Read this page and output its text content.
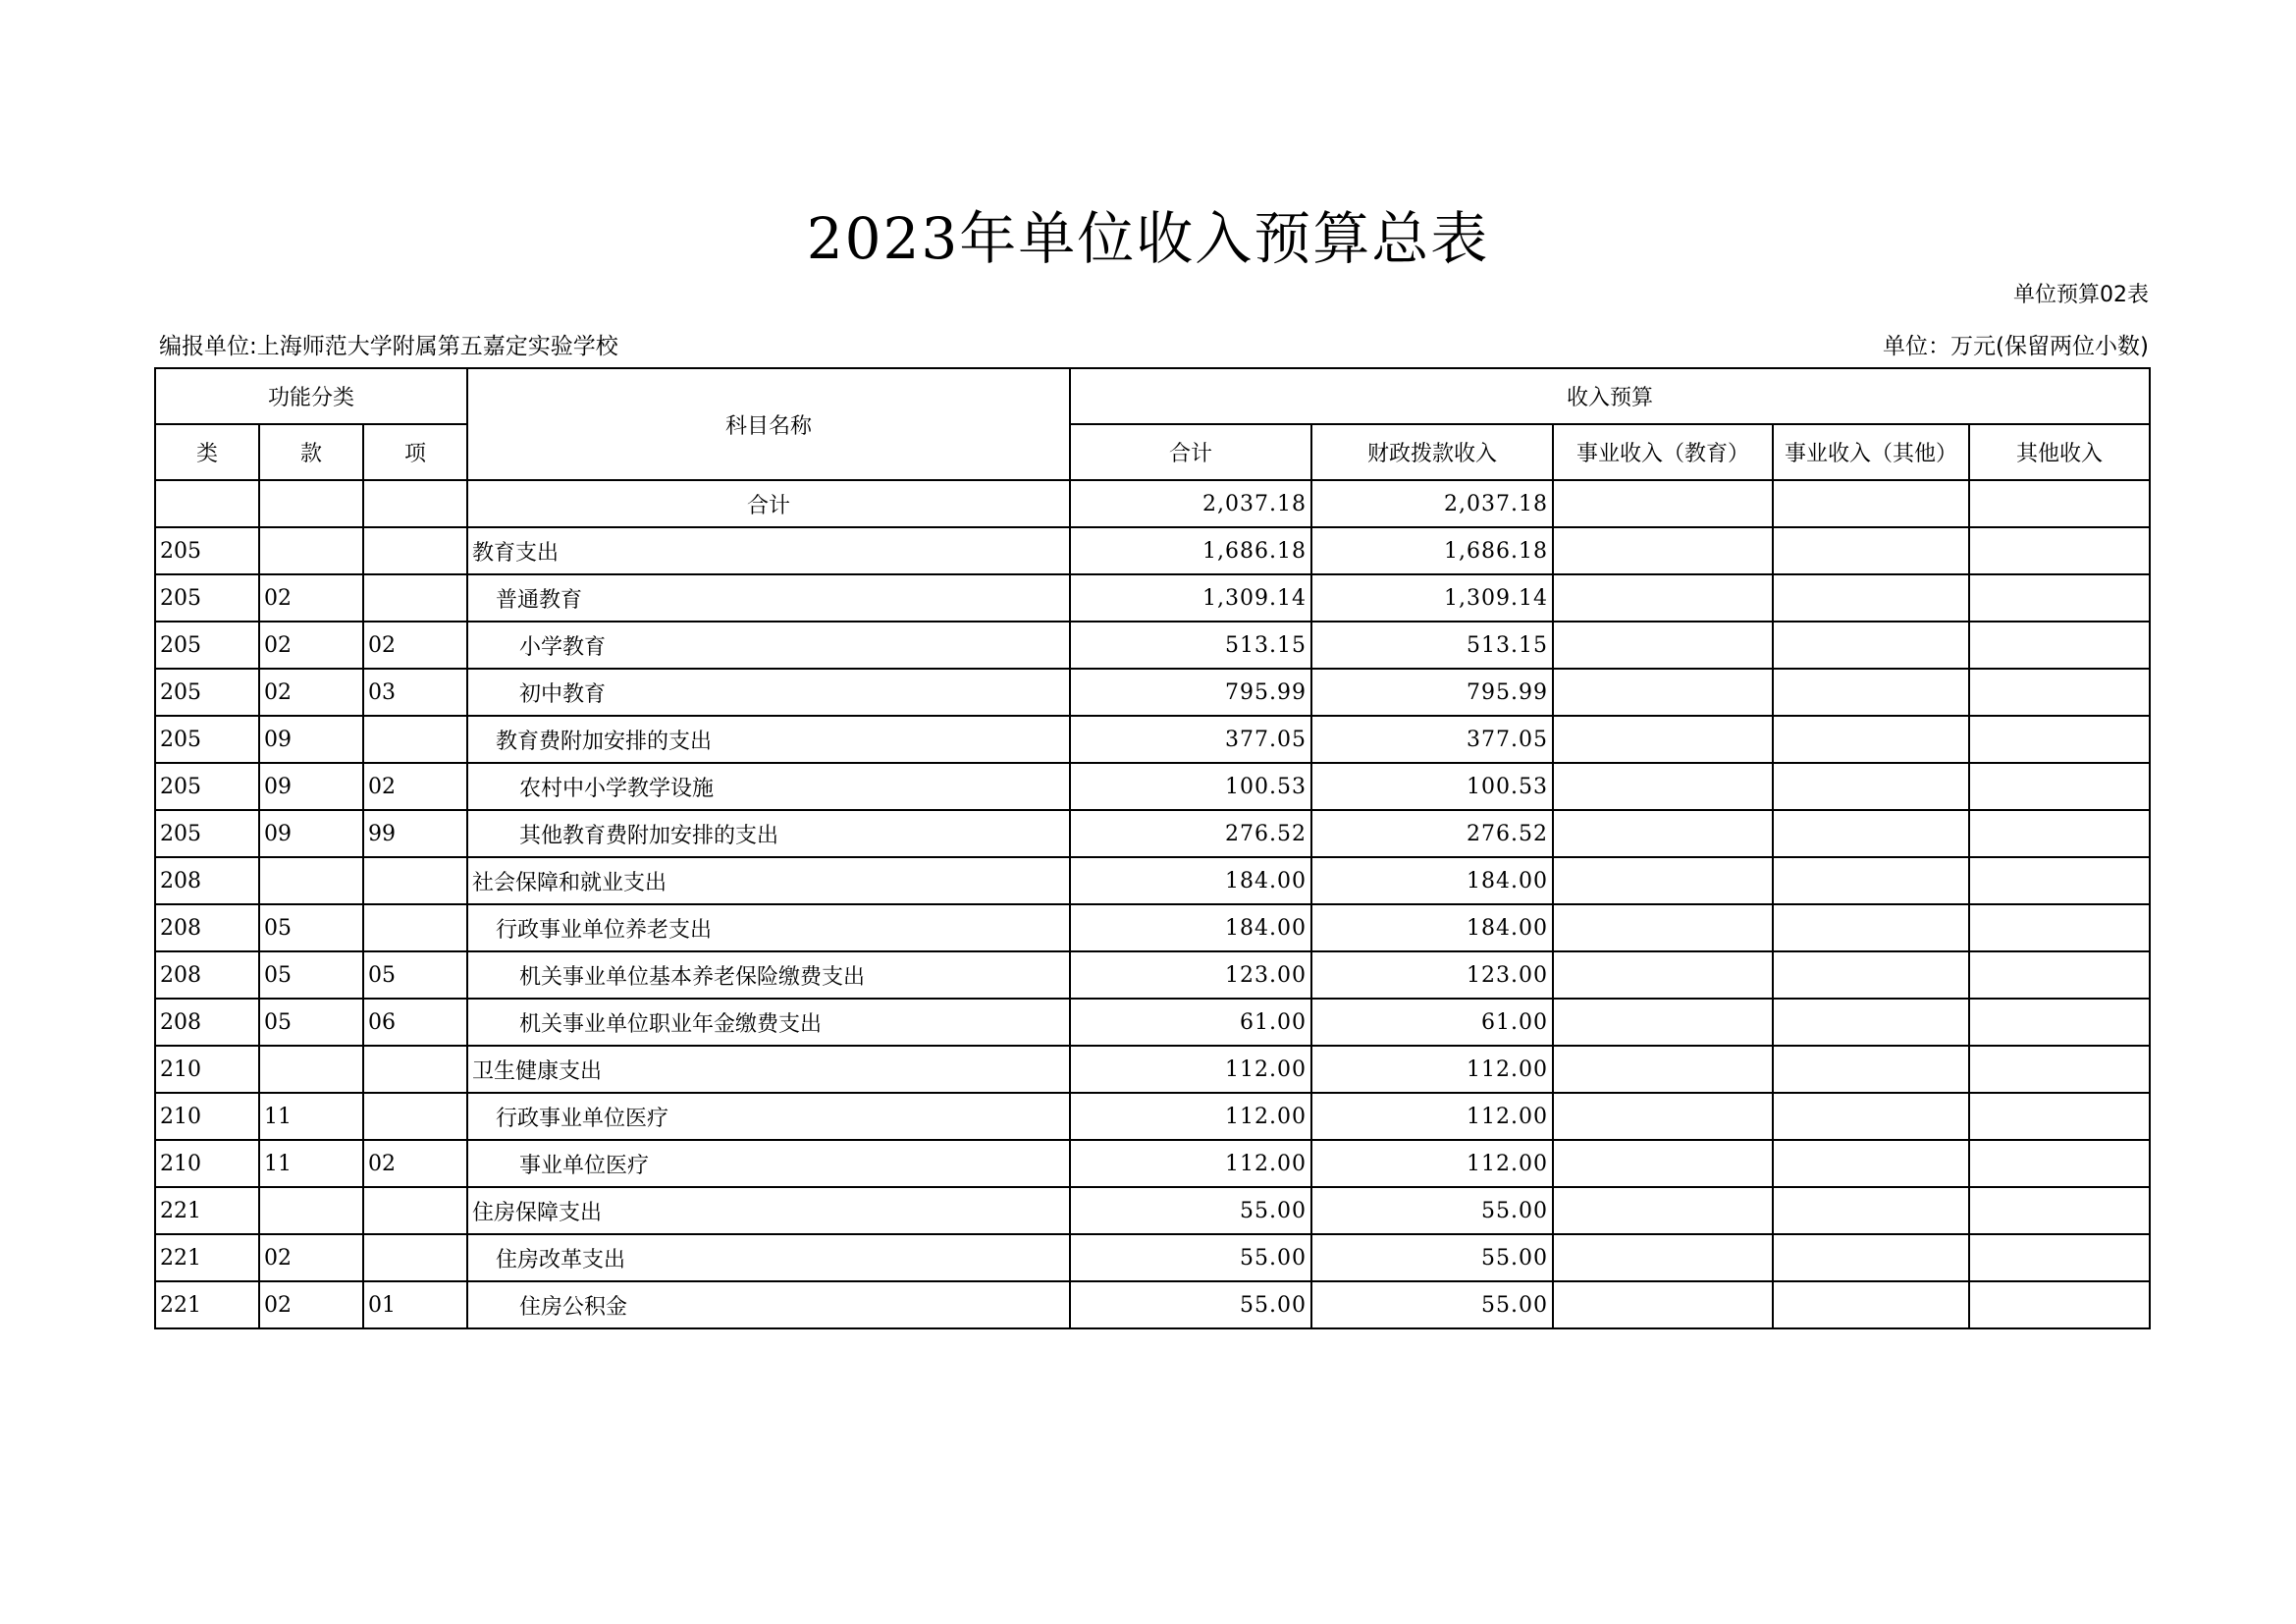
2023年单位收入预算总表
单位预算02表
编报单位:上海师范大学附属第五嘉定实验学校	单位：万元(保留两位小数)
功能分类			科目名称	收入预算				
类	款	项		合计	财政拨款收入	事业收入（教育）	事业收入（其他）	其他收入
			合计	2,037.18	2,037.18			
205			教育支出	1,686.18	1,686.18			
205	02		普通教育	1,309.14	1,309.14			
205	02	02	小学教育	513.15	513.15			
205	02	03	初中教育	795.99	795.99			
205	09		教育费附加安排的支出	377.05	377.05			
205	09	02	农村中小学教学设施	100.53	100.53			
205	09	99	其他教育费附加安排的支出	276.52	276.52			
208			社会保障和就业支出	184.00	184.00			
208	05		行政事业单位养老支出	184.00	184.00			
208	05	05	机关事业单位基本养老保险缴费支出	123.00	123.00			
208	05	06	机关事业单位职业年金缴费支出	61.00	61.00			
210			卫生健康支出	112.00	112.00			
210	11		行政事业单位医疗	112.00	112.00			
210	11	02	事业单位医疗	112.00	112.00			
221			住房保障支出	55.00	55.00			
221	02		住房改革支出	55.00	55.00			
221	02	01	住房公积金	55.00	55.00			
